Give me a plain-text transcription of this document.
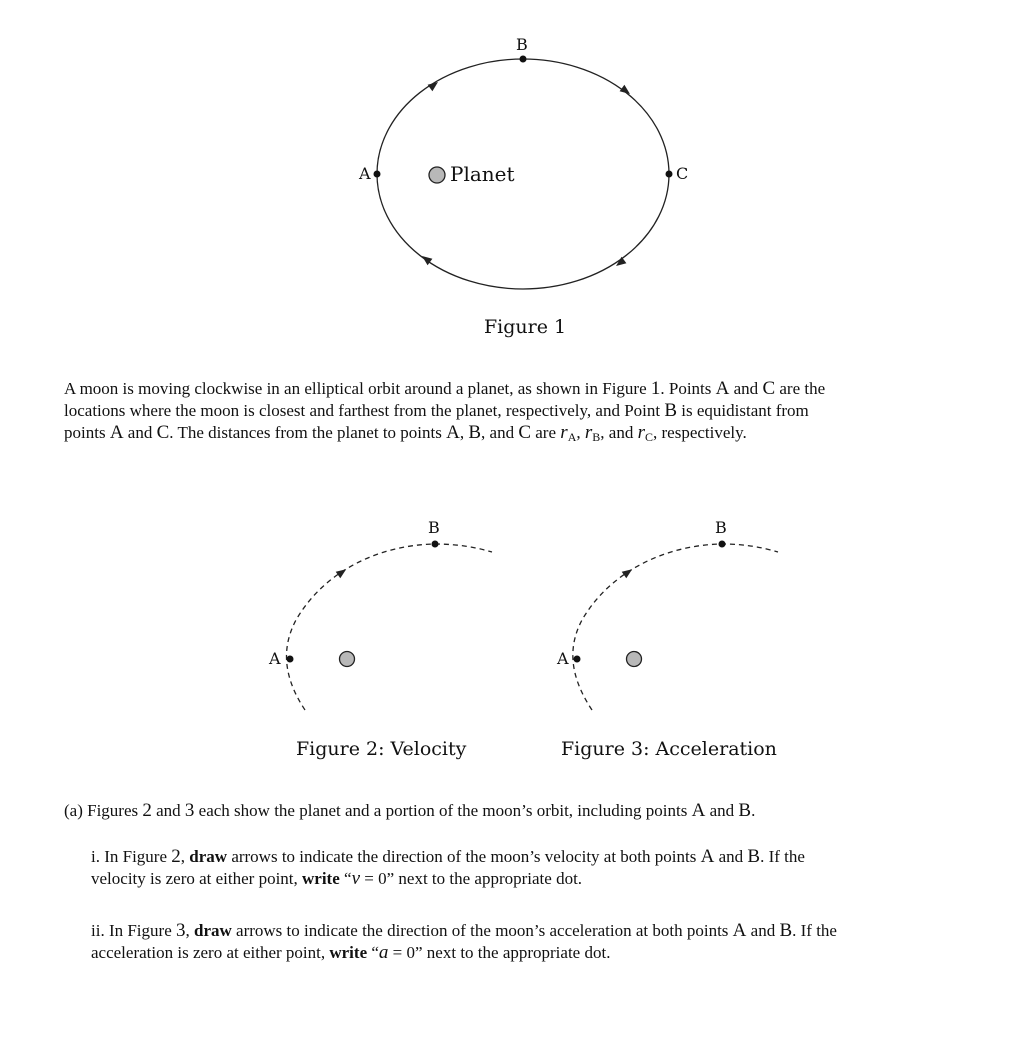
A
B
C
Planet
Figure 1
A moon is moving clockwise in an elliptical orbit around a planet, as shown in Figure 1. Points A and C are the
locations where the moon is closest and farthest from the planet, respectively, and Point B is equidistant from
points A and C. The distances from the planet to points A, B, and C are $r_A$, $r_B$, and $r_C$, respectively.
A
B
A
B
Figure 2: Velocity	Figure 3: Acceleration
(a) Figures 2 and 3 each show the planet and a portion of the moon’s orbit, including points A and B.
i. In Figure 2, draw arrows to indicate the direction of the moon’s velocity at both points A and B. If the
velocity is zero at either point, write “v = 0” next to the appropriate dot.
ii. In Figure 3, draw arrows to indicate the direction of the moon’s acceleration at both points A and B. If the
acceleration is zero at either point, write “a = 0” next to the appropriate dot.
